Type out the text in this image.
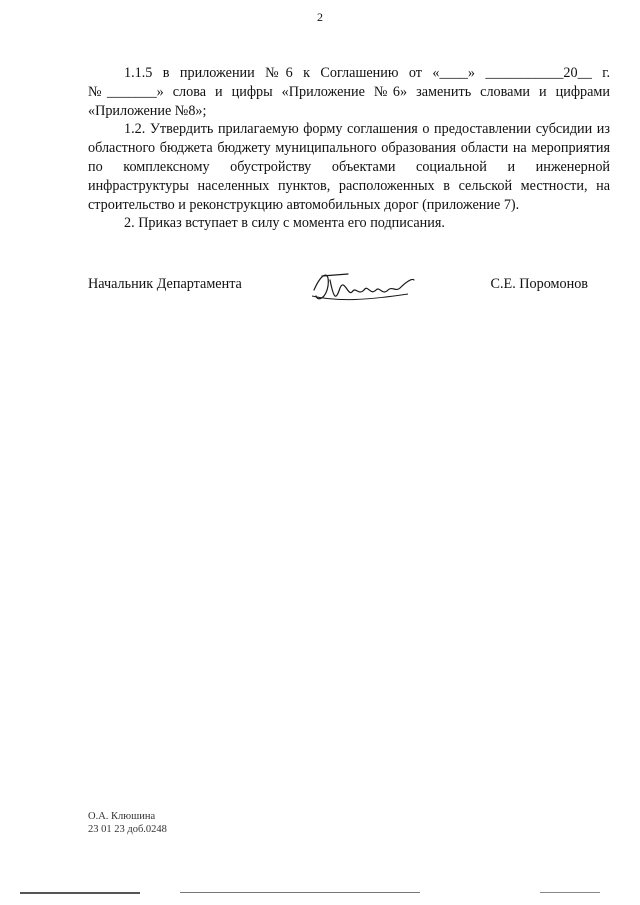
2

1.1.5 в приложении №6 к Соглашению от «____» ___________20__ г. №_______» слова и цифры «Приложение №6» заменить словами и цифрами «Приложение №8»;

1.2. Утвердить прилагаемую форму соглашения о предоставлении субсидии из областного бюджета бюджету муниципального образования области на мероприятия по комплексному обустройству объектами социальной и инженерной инфраструктуры населенных пунктов, расположенных в сельской местности, на строительство и реконструкцию автомобильных дорог (приложение 7).

2. Приказ вступает в силу с момента его подписания.

Начальник Департамента	С.Е. Поромонов
О.А. Клюшина
23 01 23 доб.0248
